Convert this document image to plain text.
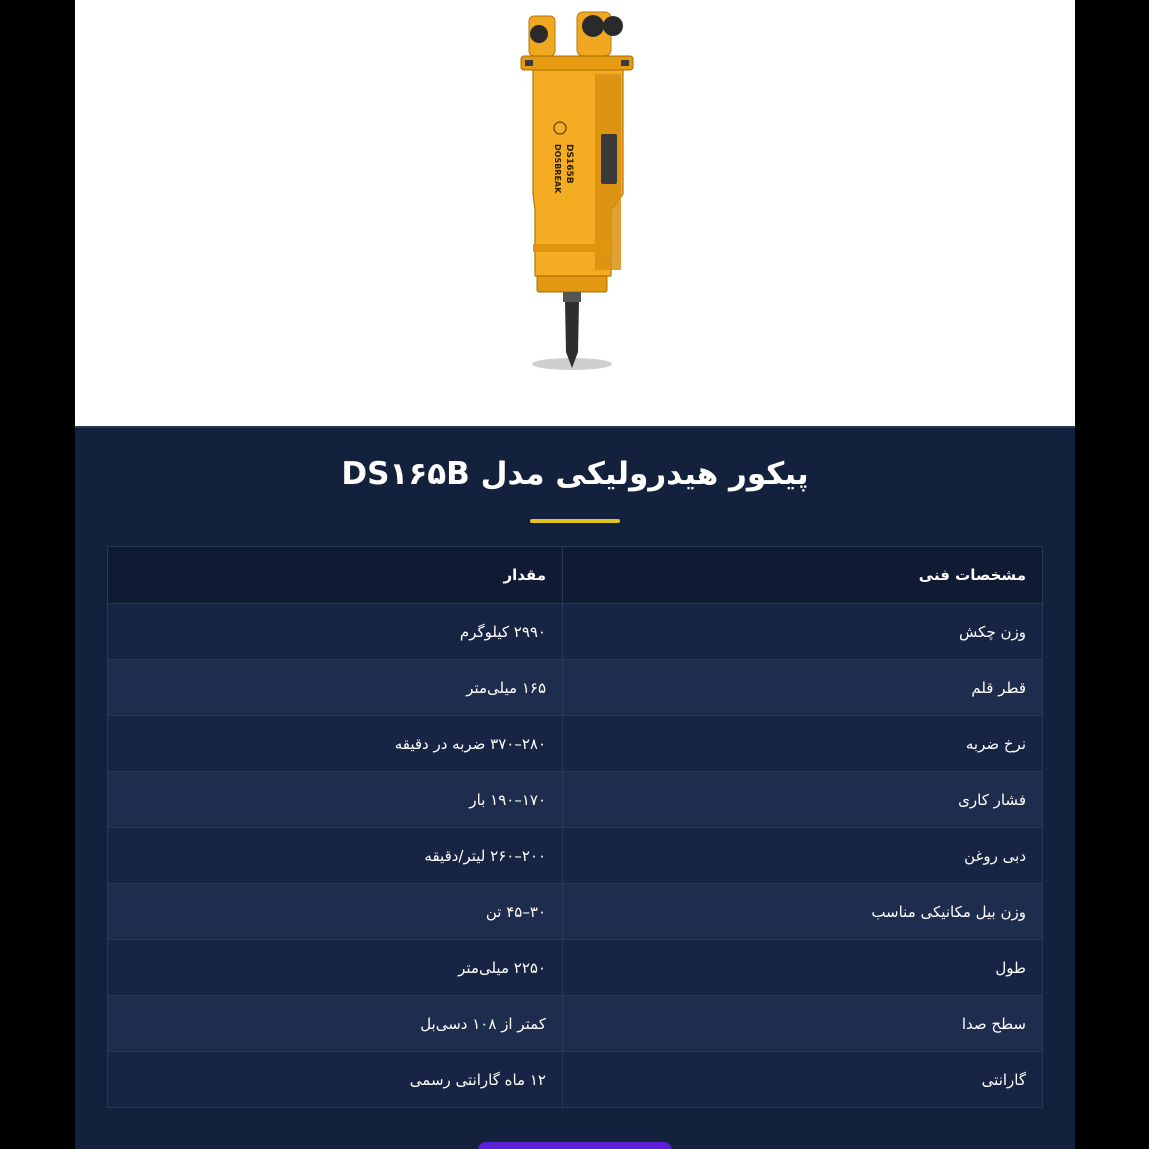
DS165B
DOSBREAK
پیکور هیدرولیکی مدل DS۱۶۵B
مشخصات فنی	مقدار
وزن چکش	۲۹۹۰ کیلوگرم
قطر قلم	۱۶۵ میلی‌متر
نرخ ضربه	۲۸۰–۳۷۰ ضربه در دقیقه
فشار کاری	۱۷۰–۱۹۰ بار
دبی روغن	۲۰۰–۲۶۰ لیتر/دقیقه
وزن بیل مکانیکی مناسب	۳۰–۴۵ تن
طول	۲۲۵۰ میلی‌متر
سطح صدا	کمتر از ۱۰۸ دسی‌بل
گارانتی	۱۲ ماه گارانتی رسمی
